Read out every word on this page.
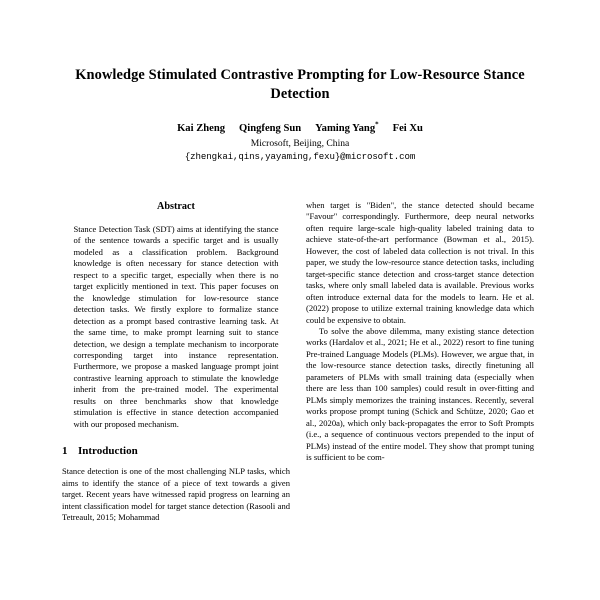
Knowledge Stimulated Contrastive Prompting for Low-Resource Stance Detection
Kai Zheng Qingfeng Sun Yaming Yang* Fei Xu
Microsoft, Beijing, China
{zhengkai,qins,yayaming,fexu}@microsoft.com
Abstract
Stance Detection Task (SDT) aims at identifying the stance of the sentence towards a specific target and is usually modeled as a classification problem. Background knowledge is often necessary for stance detection with respect to a specific target, especially when there is no target explicitly mentioned in text. This paper focuses on the knowledge stimulation for low-resource stance detection tasks. We firstly explore to formalize stance detection as a prompt based contrastive learning task. At the same time, to make prompt learning suit to stance detection, we design a template mechanism to incorporate corresponding target into instance representation. Furthermore, we propose a masked language prompt joint contrastive learning approach to stimulate the knowledge inherit from the pre-trained model. The experimental results on three benchmarks show that knowledge stimulation is effective in stance detection accompanied with our proposed mechanism.
1 Introduction

Stance detection is one of the most challenging NLP tasks, which aims to identify the stance of a piece of text towards a given target. Recent years have witnessed rapid progress on learning an intent classification model for target stance detection (Rasooli and Tetreault, 2015; Mohammad

when target is "Biden", the stance detected should became "Favour" correspondingly. Furthermore, deep neural networks often require large-scale high-quality labeled training data to achieve state-of-the-art performance (Bowman et al., 2015). However, the cost of labeled data collection is not trival. In this paper, we study the low-resource stance detection tasks, including target-specific stance detection and cross-target stance detection tasks, where only small labeled data is available. Previous works often introduce external data for the models to learn. He et al. (2022) propose to utilize external training knowledge data which could be expensive to obtain.

To solve the above dilemma, many existing stance detection works (Hardalov et al., 2021; He et al., 2022) resort to fine tuning Pre-trained Language Models (PLMs). However, we argue that, in the low-resource stance detection tasks, directly finetuning all parameters of PLMs with small training data (especially when there are less than 100 samples) could result in over-fitting and PLMs simply memorizes the training instances. Recently, several works propose prompt tuning (Schick and Schütze, 2020; Gao et al., 2020a), which only back-propagates the error to Soft Prompts (i.e., a sequence of continuous vectors prepended to the input of PLMs) instead of the entire model. They show that prompt tuning is sufficient to be com-
